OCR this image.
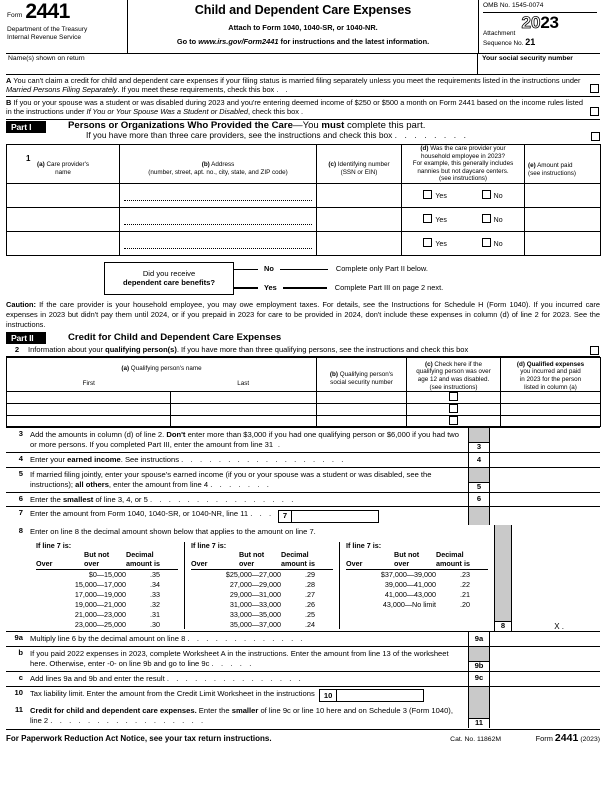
Form 2441
Department of the Treasury
Internal Revenue Service
Child and Dependent Care Expenses
Attach to Form 1040, 1040-SR, or 1040-NR.
Go to www.irs.gov/Form2441 for instructions and the latest information.
OMB No. 1545-0074
20 23
Attachment
Sequence No. 21
Name(s) shown on return	Your social security number
A You can't claim a credit for child and dependent care expenses if your filing status is married filing separately unless you meet the requirements listed in the instructions under Married Persons Filing Separately. If you meet these requirements, check this box . .
B If you or your spouse was a student or was disabled during 2023 and you're entering deemed income of $250 or $500 a month on Form 2441 based on the income rules listed in the instructions under If You or Your Spouse Was a Student or Disabled, check this box .
Part I	Persons or Organizations Who Provided the Care—You must complete this part.
If you have more than three care providers, see the instructions and check this box . . . . . . . .
1
(a) Care provider's
name
	(b) Address
(number, street, apt. no., city, state, and ZIP code)
	(c) Identifying number
(SSN or EIN)
	(d) Was the care provider your
household employee in 2023?
For example, this generally includes
nannies but not daycare centers.
(see instructions)
	(e) Amount paid
(see instructions)

			Yes No	

			Yes No	

			Yes No	

Did you receive
dependent care benefits?
No	Complete only Part II below.
Yes	Complete Part III on page 2 next.
Caution: If the care provider is your household employee, you may owe employment taxes. For details, see the Instructions for Schedule H (Form 1040). If you incurred care expenses in 2023 but didn't pay them until 2024, or if you prepaid in 2023 for care to be provided in 2024, don't include these expenses in column (d) of line 2 for 2023. See the instructions.
Part II	Credit for Child and Dependent Care Expenses
2	Information about your qualifying person(s). If you have more than three qualifying persons, see the instructions and check this box
(a) Qualifying person's name
First	Last
	(b) Qualifying person's
social security number
	(c) Check here if the
qualifying person was over
age 12 and was disabled.
(see instructions)
	(d) Qualified expenses
you incurred and paid
in 2023 for the person
listed in column (a)

3 Add the amounts in column (d) of line 2. Don't enter more than $3,000 if you had one qualifying person or $6,000 if you had two or more persons. If you completed Part III, enter the amount from line 31 .	3
4 Enter your earned income. See instructions . . . . . . . . . . . . . . . . . .	4
5 If married filing jointly, enter your spouse's earned income (if you or your spouse was a student or was disabled, see the instructions); all others, enter the amount from line 4 . . . . . . .	5
6 Enter the smallest of line 3, 4, or 5 . . . . . . . . . . . . . . . .	6
7 Enter the amount from Form 1040, 1040-SR, or 1040-NR, line 11 . . .	7
8 Enter on line 8 the decimal amount shown below that applies to the amount on line 7.
If line 7 is:
Over
But not
over
Decimal
amount is
$0—15,000	.35
15,000—17,000	.34
17,000—19,000	.33
19,000—21,000	.32
21,000—23,000	.31
23,000—25,000	.30
If line 7 is:
Over
But not
over
Decimal
amount is
$25,000—27,000	.29
27,000—29,000	.28
29,000—31,000	.27
31,000—33,000	.26
33,000—35,000	.25
35,000—37,000	.24
If line 7 is:
Over
But not
over
Decimal
amount is
$37,000—39,000	.23
39,000—41,000	.22
41,000—43,000	.21
43,000—No limit	.20
8	X .
9a Multiply line 6 by the decimal amount on line 8 . . . . . . . . . . . . .	9a
b If you paid 2022 expenses in 2023, complete Worksheet A in the instructions. Enter the amount from line 13 of the worksheet here. Otherwise, enter -0- on line 9b and go to line 9c . . . . .	9b
c Add lines 9a and 9b and enter the result . . . . . . . . . . . . . . .	9c
10 Tax liability limit. Enter the amount from the Credit Limit Worksheet in the instructions	10
11 Credit for child and dependent care expenses. Enter the smaller of line 9c or line 10 here and on Schedule 3 (Form 1040), line 2 . . . . . . . . . . . . . . . . .	11
For Paperwork Reduction Act Notice, see your tax return instructions.	Cat. No. 11862M	Form 2441 (2023)
